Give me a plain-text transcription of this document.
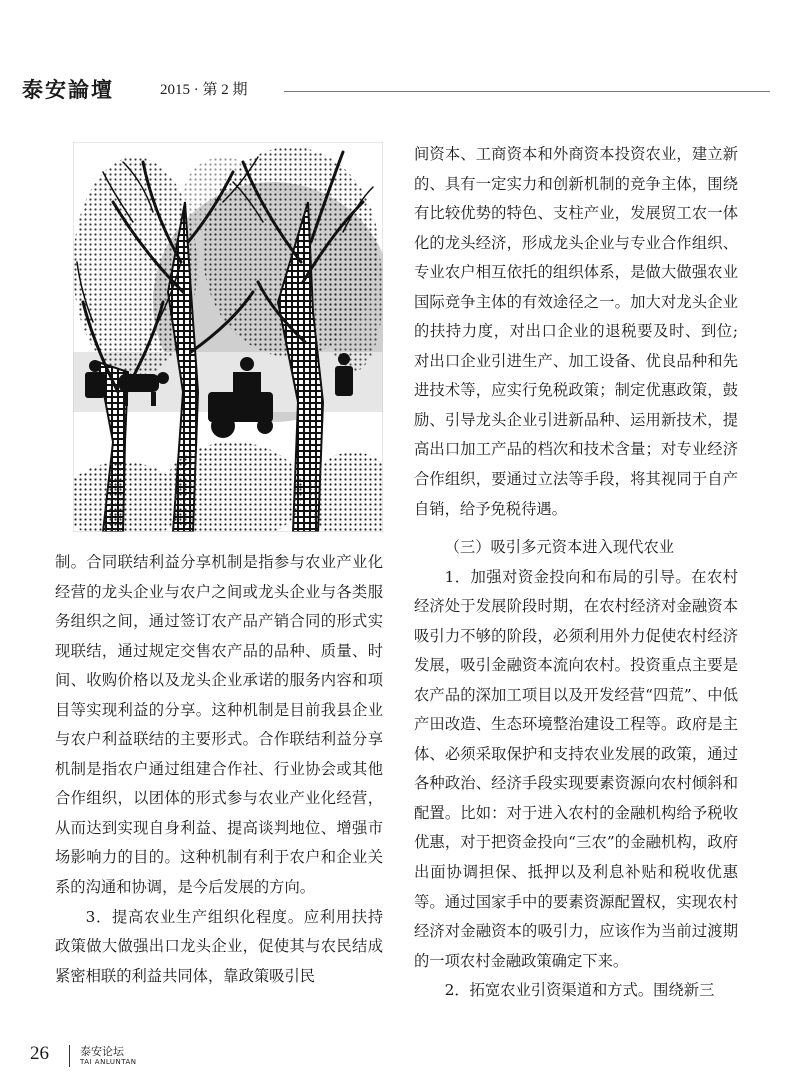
泰安論壇	2015 · 第 2 期

间资本、工商资本和外商资本投资农业，建立新的、具有一定实力和创新机制的竞争主体，围绕有比较优势的特色、支柱产业，发展贸工农一体化的龙头经济，形成龙头企业与专业合作组织、专业农户相互依托的组织体系，是做大做强农业国际竞争主体的有效途径之一。加大对龙头企业的扶持力度，对出口企业的退税要及时、到位;对出口企业引进生产、加工设备、优良品种和先进技术等，应实行免税政策；制定优惠政策，鼓励、引导龙头企业引进新品种、运用新技术，提高出口加工产品的档次和技术含量；对专业经济合作组织，要通过立法等手段，将其视同于自产自销，给予免税待遇。

制。合同联结利益分享机制是指参与农业产业化经营的龙头企业与农户之间或龙头企业与各类服务组织之间，通过签订农产品产销合同的形式实现联结，通过规定交售农产品的品种、质量、时间、收购价格以及龙头企业承诺的服务内容和项目等实现利益的分享。这种机制是目前我县企业与农户利益联结的主要形式。合作联结利益分享机制是指农户通过组建合作社、行业协会或其他合作组织，以团体的形式参与农业产业化经营，从而达到实现自身利益、提高谈判地位、增强市场影响力的目的。这种机制有利于农户和企业关系的沟通和协调，是今后发展的方向。

3．提高农业生产组织化程度。应利用扶持政策做大做强出口龙头企业，促使其与农民结成紧密相联的利益共同体，靠政策吸引民

（三）吸引多元资本进入现代农业

1．加强对资金投向和布局的引导。在农村经济处于发展阶段时期，在农村经济对金融资本吸引力不够的阶段，必须利用外力促使农村经济发展，吸引金融资本流向农村。投资重点主要是农产品的深加工项目以及开发经营“四荒”、中低产田改造、生态环境整治建设工程等。政府是主体、必须采取保护和支持农业发展的政策，通过各种政治、经济手段实现要素资源向农村倾斜和配置。比如：对于进入农村的金融机构给予税收优惠，对于把资金投向“三农”的金融机构，政府出面协调担保、抵押以及利息补贴和税收优惠等。通过国家手中的要素资源配置权，实现农村经济对金融资本的吸引力，应该作为当前过渡期的一项农村金融政策确定下来。

2．拓宽农业引资渠道和方式。围绕新三

26	泰安论坛
TAI ANLUNTAN
